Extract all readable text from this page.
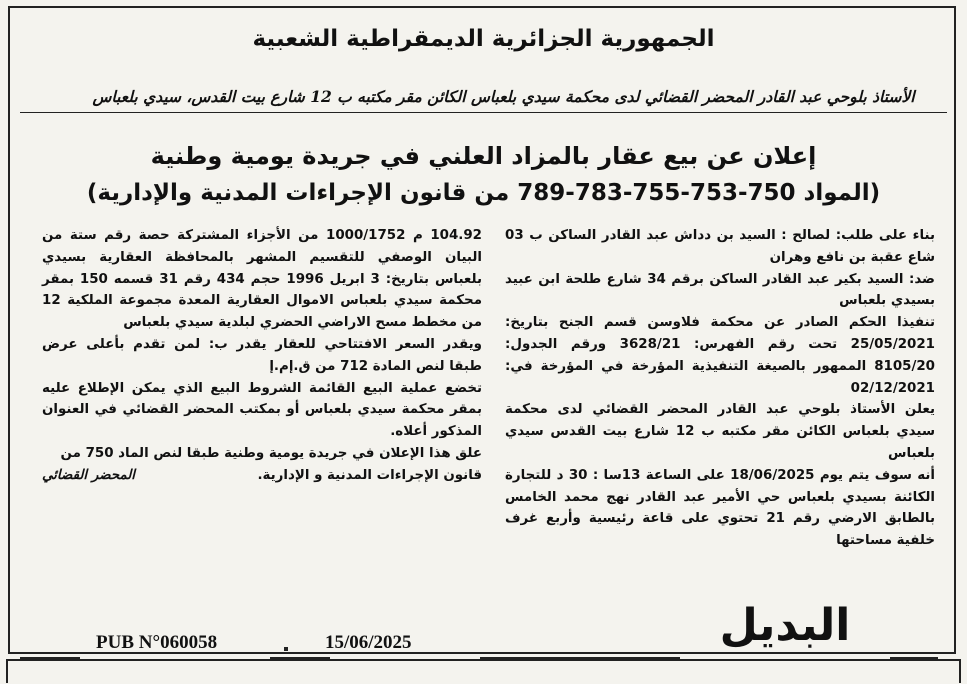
الجمهورية الجزائرية الديمقراطية الشعبية
الأستاذ بلوحي عبد القادر المحضر القضائي لدى محكمة سيدي بلعباس الكائن مقر مكتبه ب 12 شارع بيت القدس، سيدي بلعباس
إعلان عن بيع عقار بالمزاد العلني في جريدة يومية وطنية
(المواد 750-753-755-783-789 من قانون الإجراءات المدنية والإدارية)

بناء على طلب: لصالح : السيد بن دداش عبد القادر الساكن ب 03 شاع عقبة بن نافع وهران

ضد: السيد بكير عبد القادر الساكن برقم 34 شارع طلحة ابن عبيد بسيدي بلعباس

تنفيذا الحكم الصادر عن محكمة فلاوسن قسم الجنح بتاريخ: 25/05/2021 تحت رقم الفهرس: 3628/21 ورقم الجدول: 8105/20 الممهور بالصيغة التنفيذية المؤرخة في المؤرخة في: 02/12/2021

يعلن الأستاذ بلوحي عبد القادر المحضر القضائي لدى محكمة سيدي بلعباس الكائن مقر مكتبه ب 12 شارع بيت القدس سيدي بلعباس

أنه سوف يتم يوم 18/06/2025 على الساعة 13سا : 30 د للتجارة الكائنة بسيدي بلعباس حي الأمير عبد القادر نهج محمد الخامس بالطابق الارضي رقم 21 تحتوي على قاعة رئيسية وأربع غرف خلفية مساحتها

104.92 م 1000/1752 من الأجزاء المشتركة حصة رقم ستة من البيان الوصفي للتقسيم المشهر بالمحافظة العقارية بسيدي بلعباس بتاريخ: 3 ابريل 1996 حجم 434 رقم 31 قسمه 150 بمقر محكمة سيدي بلعباس الاموال العقارية المعدة مجموعة الملكية 12 من مخطط مسح الاراضي الحضري لبلدية سيدي بلعباس

ويقدر السعر الافتتاحي للعقار يقدر ب: لمن تقدم بأعلى عرض طبقا لنص المادة 712 من ق.إم.إ

تخضع عملية البيع القائمة الشروط البيع الذي يمكن الإطلاع عليه بمقر محكمة سيدي بلعباس أو بمكتب المحضر القضائي في العنوان المذكور أعلاه.

علق هذا الإعلان في جريدة يومية وطنية طبقا لنص الماد 750 من

قانون الإجراءات المدنية و الإدارية.
المحضر القضائي
البديل
PUB N°060058	15/06/2025
